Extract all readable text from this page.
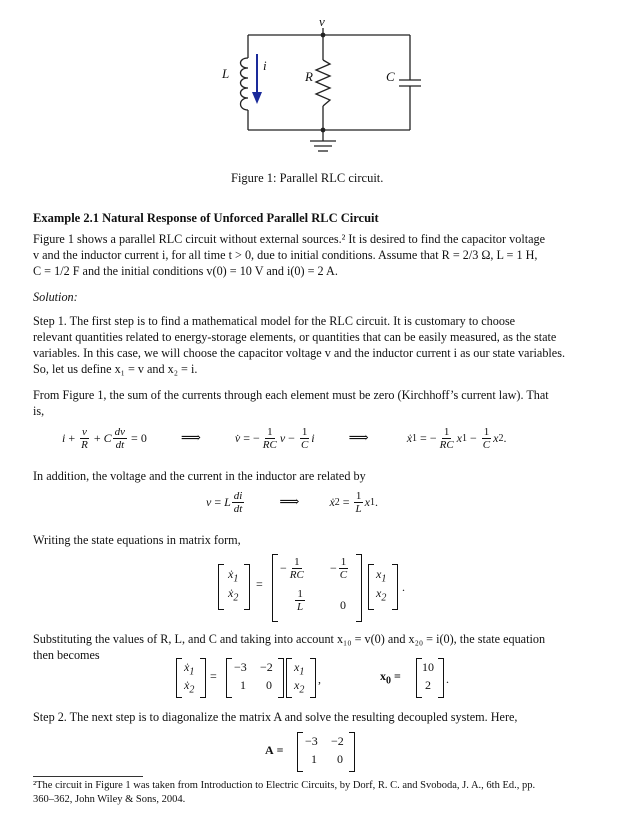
v
i
L	R	C
Figure 1: Parallel RLC circuit.
Example 2.1 Natural Response of Unforced Parallel RLC Circuit
Figure 1 shows a parallel RLC circuit without external sources.² It is desired to find the capacitor voltage
v and the inductor current i, for all time t > 0, due to initial conditions. Assume that R = 2/3 Ω, L = 1 H,
C = 1/2 F and the initial conditions v(0) = 10 V and i(0) = 2 A.
Solution:
Step 1. The first step is to find a mathematical model for the RLC circuit. It is customary to choose
relevant quantities related to energy-storage elements, or quantities that can be easily measured, as the state
variables. In this case, we will choose the capacitor voltage v and the inductor current i as our state variables.
So, let us define x₁ = v and x₂ = i.
From Figure 1, the sum of the currents through each element must be zero (Kirchhoff’s current law). That
is,
$i + \frac{v}{R} + C \frac{dv}{dt} = 0$ ⟹	v̇ = − $\frac{1}{RC}$ $v - \frac{1}{C}$ i ⟹	ẋ 1 = − $\frac{1}{RC}$ x $1 - \frac{1}{C}$ x 2 .
In addition, the voltage and the current in the inductor are related by
v = L $\frac{di}{dt}$	⟹	ẋ $2 = \frac{1}{L}$ x 1 .
Writing the state equations in matrix form,
ẋ$_1$
ẋ$_2$
=
− $\frac{1}{RC} - \frac{1}{C}$
$\frac{1}{L}$	0
$x_1$
$x_2$
.
Substituting the values of R, L, and C and taking into account x₁₀ = v(0) and x₂₀ = i(0), the state equation
then becomes
ẋ$_1$
ẋ$_2$
=
−3 −2
1 0
$x_1$
$x_2$
,	$x_0$ =
10
2 .
Step 2. The next step is to diagonalize the matrix A and solve the resulting decoupled system. Here,
A =
−3 −2
1 0
²The circuit in Figure 1 was taken from Introduction to Electric Circuits, by Dorf, R. C. and Svoboda, J. A., 6th Ed., pp.
360–362, John Wiley & Sons, 2004.
i + v/R + C dv/dt = 0 ⟹ v̇ = −(1/RC) v − (1/C) i ⟹ ẋ₁ = −(1/RC) x₁ − (1/C) x₂. v = L di/dt ⟹ ẋ₂ = (1/L) x₁. −1/RC −1/C 1/L
